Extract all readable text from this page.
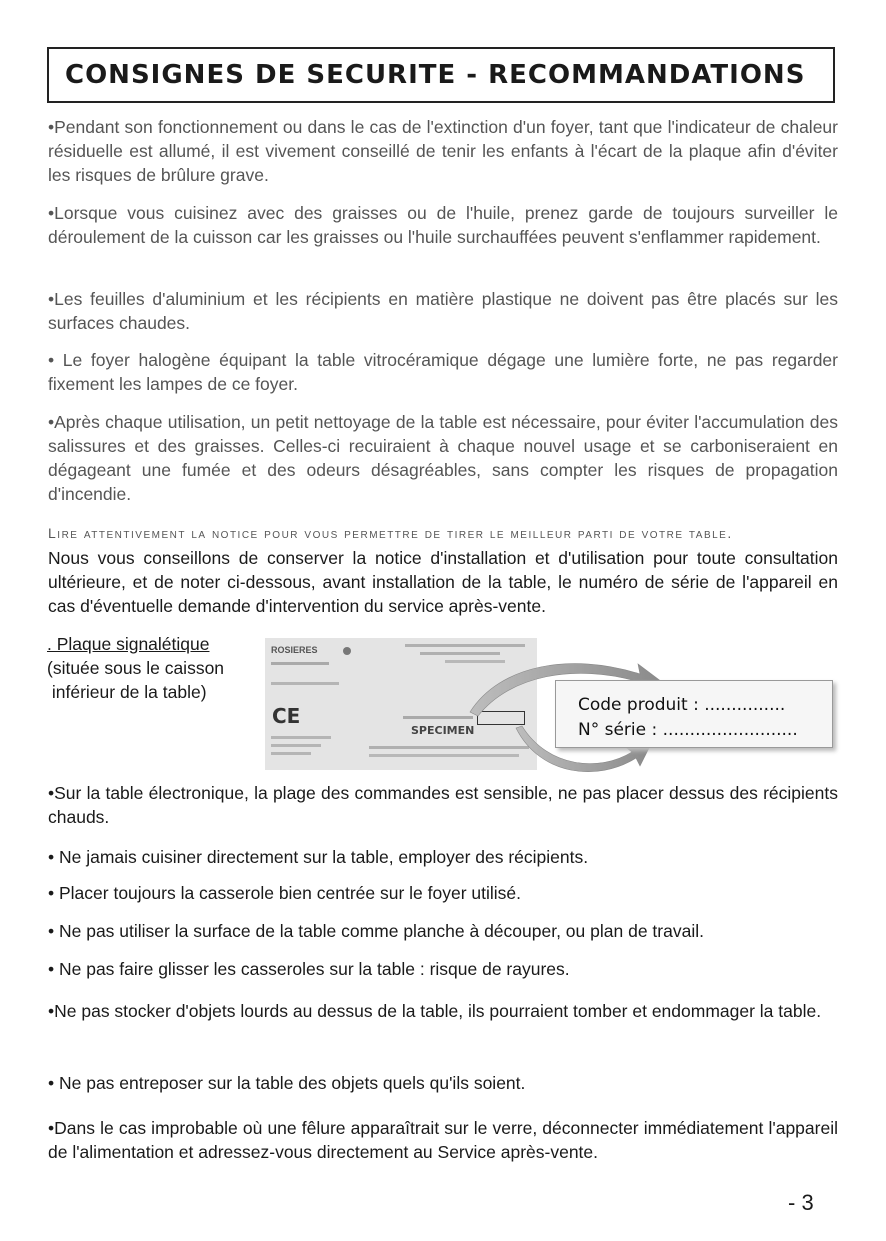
CONSIGNES DE SECURITE - RECOMMANDATIONS

•Pendant son fonctionnement ou dans le cas de l'extinction d'un foyer, tant que l'indicateur de chaleur résiduelle est allumé, il est vivement conseillé de tenir les enfants à l'écart de la plaque afin d'éviter les risques de brûlure grave.

•Lorsque vous cuisinez avec des graisses ou de l'huile, prenez garde de toujours surveiller le déroulement de la cuisson car les graisses ou l'huile surchauffées peuvent s'enflammer rapidement.

•Les feuilles d'aluminium et les récipients en matière plastique ne doivent pas être placés sur les surfaces chaudes.

• Le foyer halogène équipant la table vitrocéramique dégage une lumière forte, ne pas regarder fixement les lampes de ce foyer.

•Après chaque utilisation, un petit nettoyage de la table est nécessaire, pour éviter l'accumulation des salissures et des graisses. Celles-ci recuiraient à chaque nouvel usage et se carboniseraient en dégageant une fumée et des odeurs désagréables, sans compter les risques de propagation d'incendie.

Lire attentivement la notice pour vous permettre de tirer le meilleur parti de votre table.

Nous vous conseillons de conserver la notice d'installation et d'utilisation pour toute consultation ultérieure, et de noter ci-dessous, avant installation de la table, le numéro de série de l'appareil en cas d'éventuelle demande d'intervention du service après-vente.

. Plaque signalétique
(située sous le caisson
inférieur de la table)
ROSIERES
CE
SPECIMEN
Code produit : ...............
N° série : .........................

•Sur la table électronique, la plage des commandes est sensible, ne pas placer dessus des récipients chauds.

• Ne jamais cuisiner directement sur la table, employer des récipients.

• Placer toujours la casserole bien centrée sur le foyer utilisé.

• Ne pas utiliser la surface de la table comme planche à découper, ou plan de travail.

• Ne pas faire glisser les casseroles sur la table : risque de rayures.

•Ne pas stocker d'objets lourds au dessus de la table, ils pourraient tomber et endommager la table.

• Ne pas entreposer sur la table des objets quels qu'ils soient.

•Dans le cas improbable où une fêlure apparaîtrait sur le verre, déconnecter immédiatement l'appareil de l'alimentation et adressez-vous directement au Service après-vente.

- 3
